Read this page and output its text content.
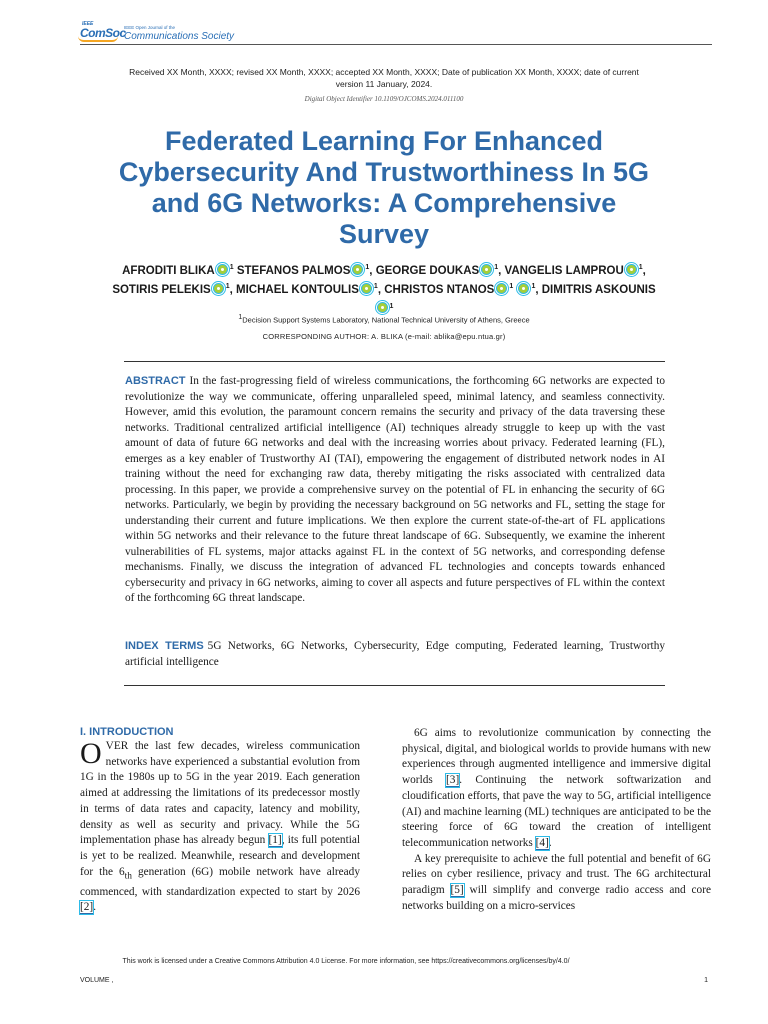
IEEE
ComSoc
IEEE Open Journal of the
Communications Society
Received XX Month, XXXX; revised XX Month, XXXX; accepted XX Month, XXXX; Date of publication XX Month, XXXX; date of current version 11 January, 2024.
Digital Object Identifier 10.1109/OJCOMS.2024.011100
Federated Learning For Enhanced Cybersecurity And Trustworthiness In 5G and 6G Networks: A Comprehensive Survey
AFRODITI BLIKA $^1$ STEFANOS PALMOS $^1$, GEORGE DOUKAS $^1$, VANGELIS LAMPROU $^1$, SOTIRIS PELEKIS $^1$, MICHAEL KONTOULIS $^1$, CHRISTOS NTANOS $^1$	$^1$, DIMITRIS ASKOUNIS$^1$
$^1$Decision Support Systems Laboratory, National Technical University of Athens, Greece
CORRESPONDING AUTHOR: A. BLIKA (e-mail: ablika@epu.ntua.gr)

ABSTRACT In the fast-progressing field of wireless communications, the forthcoming 6G networks are expected to revolutionize the way we communicate, offering unparalleled speed, minimal latency, and seamless connectivity. However, amid this evolution, the paramount concern remains the security and privacy of the data traversing these networks. Traditional centralized artificial intelligence (AI) techniques already struggle to keep up with the vast amount of data of future 6G networks and deal with the increasing worries about privacy. Federated learning (FL), emerges as a key enabler of Trustworthy AI (TAI), empowering the engagement of distributed network nodes in AI training without the need for exchanging raw data, thereby mitigating the risks associated with centralized data processing. In this paper, we provide a comprehensive survey on the potential of FL in enhancing the security of 6G networks. Particularly, we begin by providing the necessary background on 5G networks and FL, setting the stage for understanding their current and future implications. We then explore the current state-of-the-art of FL applications within 5G networks and their relevance to the future threat landscape of 6G. Subsequently, we examine the inherent vulnerabilities of FL systems, major attacks against FL in the context of 5G networks, and corresponding defense mechanisms. Finally, we discuss the integration of advanced FL technologies and concepts towards enhanced cybersecurity and privacy in 6G networks, aiming to cover all aspects and future perspectives of FL within the context of the forthcoming 6G threat landscape.

INDEX TERMS 5G Networks, 6G Networks, Cybersecurity, Edge computing, Federated learning, Trustworthy artificial intelligence

I. INTRODUCTION

OVER the last few decades, wireless communication networks have experienced a substantial evolution from 1G in the 1980s up to 5G in the year 2019. Each generation aimed at addressing the limitations of its predecessor mostly in terms of data rates and capacity, latency and mobility, density as well as security and privacy. While the 5G implementation phase has already begun [1], its full potential is yet to be realized. Meanwhile, research and development for the $6_{th}$ generation (6G) mobile network have already commenced, with standardization expected to start by 2026 [2].

6G aims to revolutionize communication by connecting the physical, digital, and biological worlds to provide humans with new experiences through augmented intelligence and immersive digital worlds [3]. Continuing the network softwarization and cloudification efforts, that pave the way to 5G, artificial intelligence (AI) and machine learning (ML) techniques are anticipated to be the steering force of 6G toward the creation of intelligent telecommunication networks [4].

A key prerequisite to achieve the full potential and benefit of 6G relies on cyber resilience, privacy and trust. The 6G architectural paradigm [5] will simplify and converge radio access and core networks building on a micro-services

This work is licensed under a Creative Commons Attribution 4.0 License. For more information, see https://creativecommons.org/licenses/by/4.0/
VOLUME ,	1
